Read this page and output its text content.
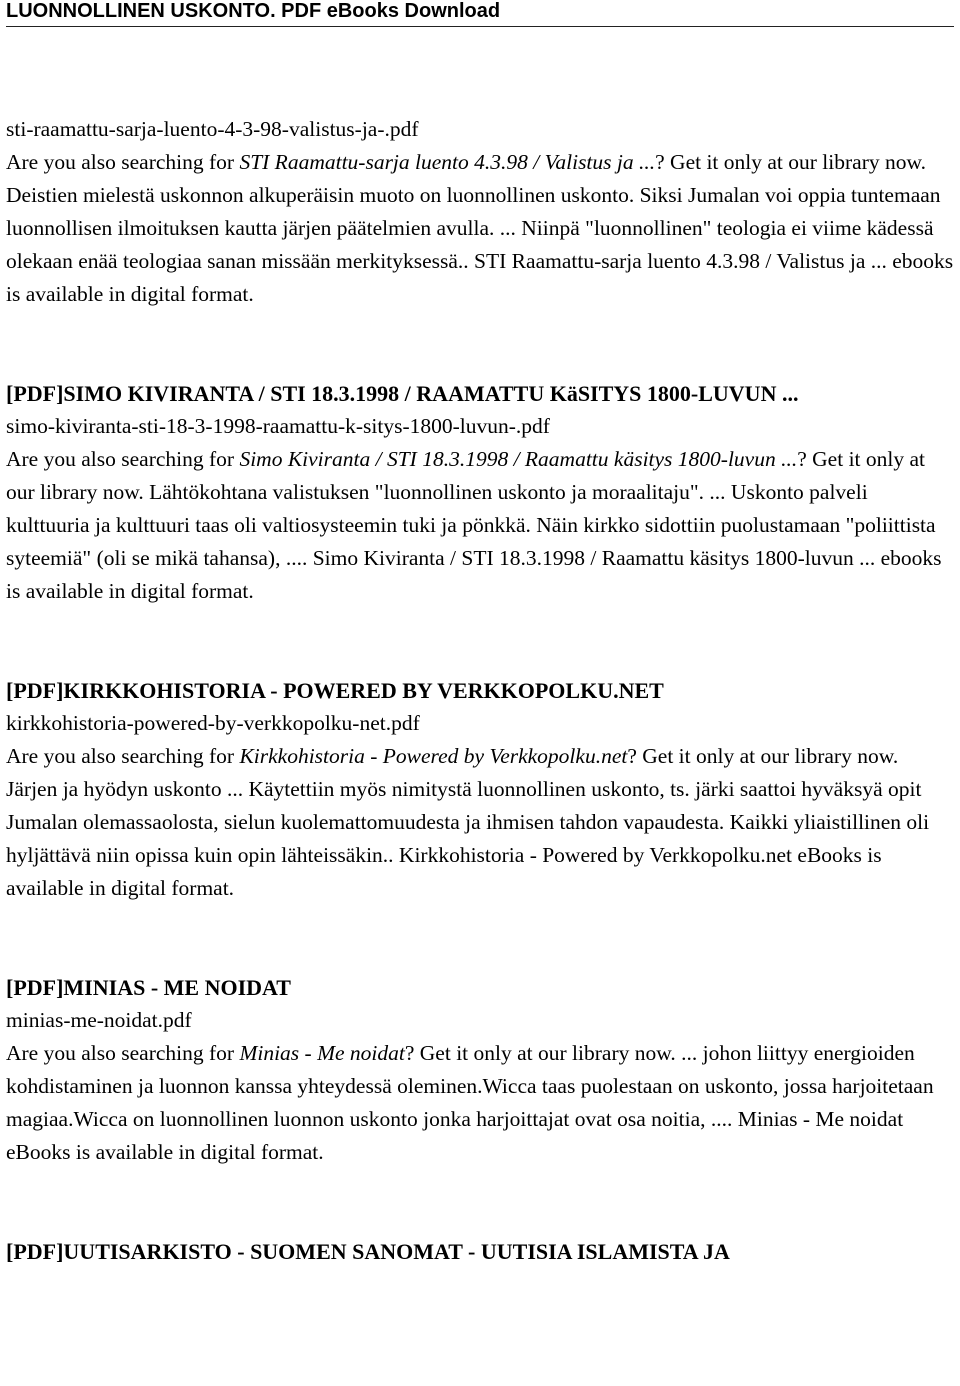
LUONNOLLINEN USKONTO. PDF eBooks Download
sti-raamattu-sarja-luento-4-3-98-valistus-ja-.pdf

Are you also searching for STI Raamattu-sarja luento 4.3.98 / Valistus ja ...? Get it only at our library now. Deistien mielestä uskonnon alkuperäisin muoto on luonnollinen uskonto. Siksi Jumalan voi oppia tuntemaan luonnollisen ilmoituksen kautta järjen päätelmien avulla. ... Niinpä "luonnollinen" teologia ei viime kädessä olekaan enää teologiaa sanan missään merkityksessä.. STI Raamattu-sarja luento 4.3.98 / Valistus ja ... ebooks is available in digital format.

[PDF]SIMO KIVIRANTA / STI 18.3.1998 / RAAMATTU KäSITYS 1800-LUVUN ...
simo-kiviranta-sti-18-3-1998-raamattu-k-sitys-1800-luvun-.pdf

Are you also searching for Simo Kiviranta / STI 18.3.1998 / Raamattu käsitys 1800-luvun ...? Get it only at our library now. Lähtökohtana valistuksen "luonnollinen uskonto ja moraalitaju". ... Uskonto palveli kulttuuria ja kulttuuri taas oli valtiosysteemin tuki ja pönkkä. Näin kirkko sidottiin puolustamaan "poliittista syteemiä" (oli se mikä tahansa), .... Simo Kiviranta / STI 18.3.1998 / Raamattu käsitys 1800-luvun ... ebooks is available in digital format.

[PDF]KIRKKOHISTORIA - POWERED BY VERKKOPOLKU.NET
kirkkohistoria-powered-by-verkkopolku-net.pdf

Are you also searching for Kirkkohistoria - Powered by Verkkopolku.net? Get it only at our library now. Järjen ja hyödyn uskonto ... Käytettiin myös nimitystä luonnollinen uskonto, ts. järki saattoi hyväksyä opit Jumalan olemassaolosta, sielun kuolemattomuudesta ja ihmisen tahdon vapaudesta. Kaikki yliaistillinen oli hyljättävä niin opissa kuin opin lähteissäkin.. Kirkkohistoria - Powered by Verkkopolku.net eBooks is available in digital format.

[PDF]MINIAS - ME NOIDAT
minias-me-noidat.pdf

Are you also searching for Minias - Me noidat? Get it only at our library now. ... johon liittyy energioiden kohdistaminen ja luonnon kanssa yhteydessä oleminen.Wicca taas puolestaan on uskonto, jossa harjoitetaan magiaa.Wicca on luonnollinen luonnon uskonto jonka harjoittajat ovat osa noitia, .... Minias - Me noidat eBooks is available in digital format.

[PDF]UUTISARKISTO - SUOMEN SANOMAT - UUTISIA ISLAMISTA JA
